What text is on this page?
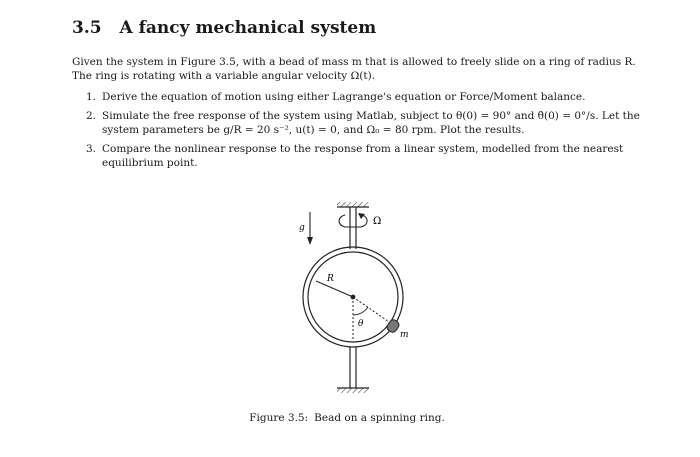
3.5 A fancy mechanical system

Given the system in Figure 3.5, with a bead of mass m that is allowed to freely slide on a ring of radius R. The ring is rotating with a variable angular velocity Ω(t).

1. Derive the equation of motion using either Lagrange's equation or Force/Moment balance.
2. Simulate the free response of the system using Matlab, subject to θ(0) = 90° and θ̇(0) = 0°/s. Let the system parameters be g/R = 20 s⁻², u(t) = 0, and Ω₀ = 80 rpm. Plot the results.
3. Compare the nonlinear response to the response from a linear system, modelled from the nearest equilibrium point.
g
Ω
R
θ
m
Figure 3.5: Bead on a spinning ring.
